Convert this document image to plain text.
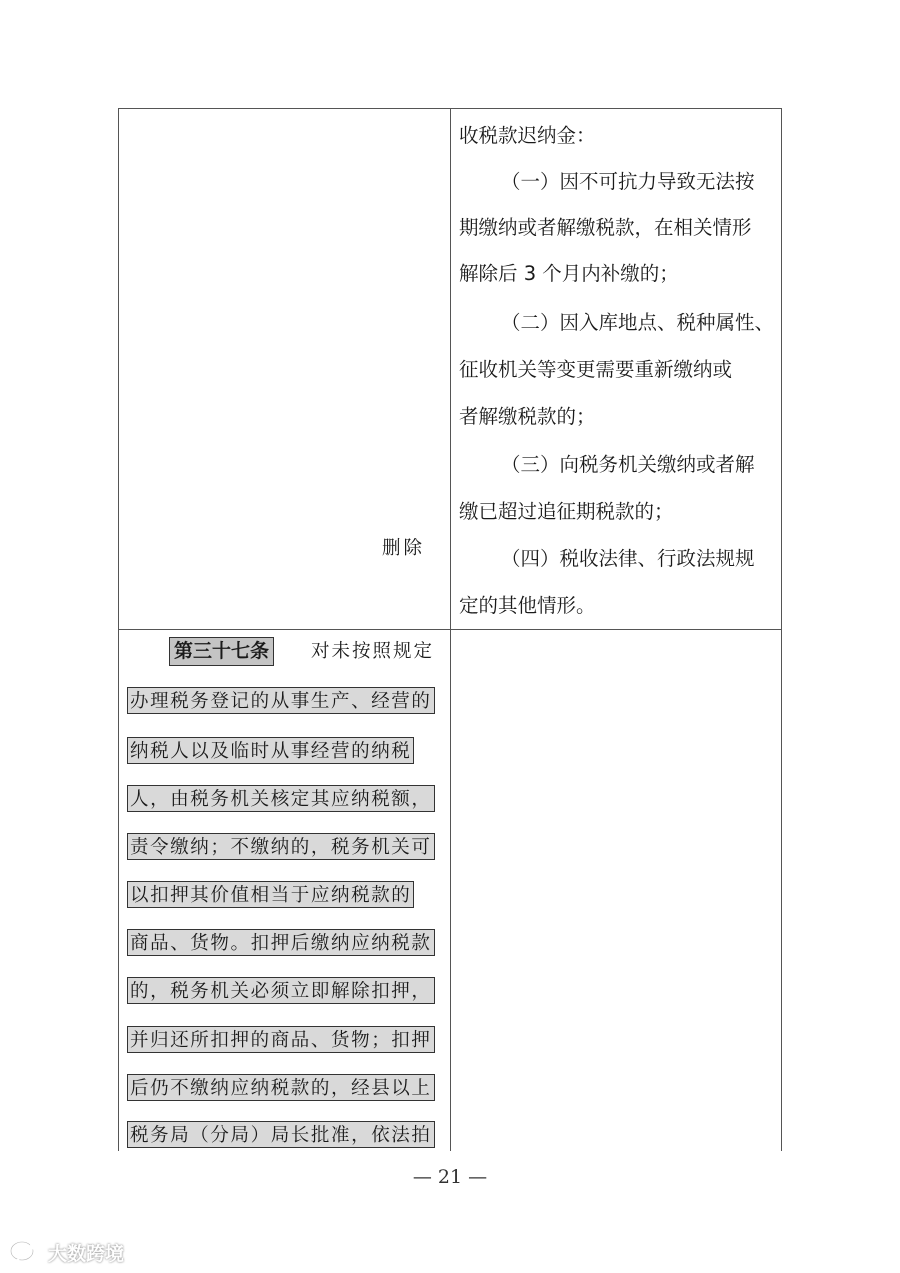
收税款迟纳金：
（一）因不可抗力导致无法按
期缴纳或者解缴税款，在相关情形
解除后 3 个月内补缴的；
（二）因入库地点、税种属性、
征收机关等变更需要重新缴纳或
者解缴税款的；
（三）向税务机关缴纳或者解
缴已超过追征期税款的；
（四）税收法律、行政法规规
定的其他情形。
第三十七条 对未按照规定
办理税务登记的从事生产、经营的
纳税人以及临时从事经营的纳税
人，由税务机关核定其应纳税额，
责令缴纳；不缴纳的，税务机关可
以扣押其价值相当于应纳税款的
商品、货物。扣押后缴纳应纳税款
的，税务机关必须立即解除扣押，
并归还所扣押的商品、货物；扣押
后仍不缴纳应纳税款的，经县以上
税务局（分局）局长批准，依法拍
删除
— 21 —
大数跨境
